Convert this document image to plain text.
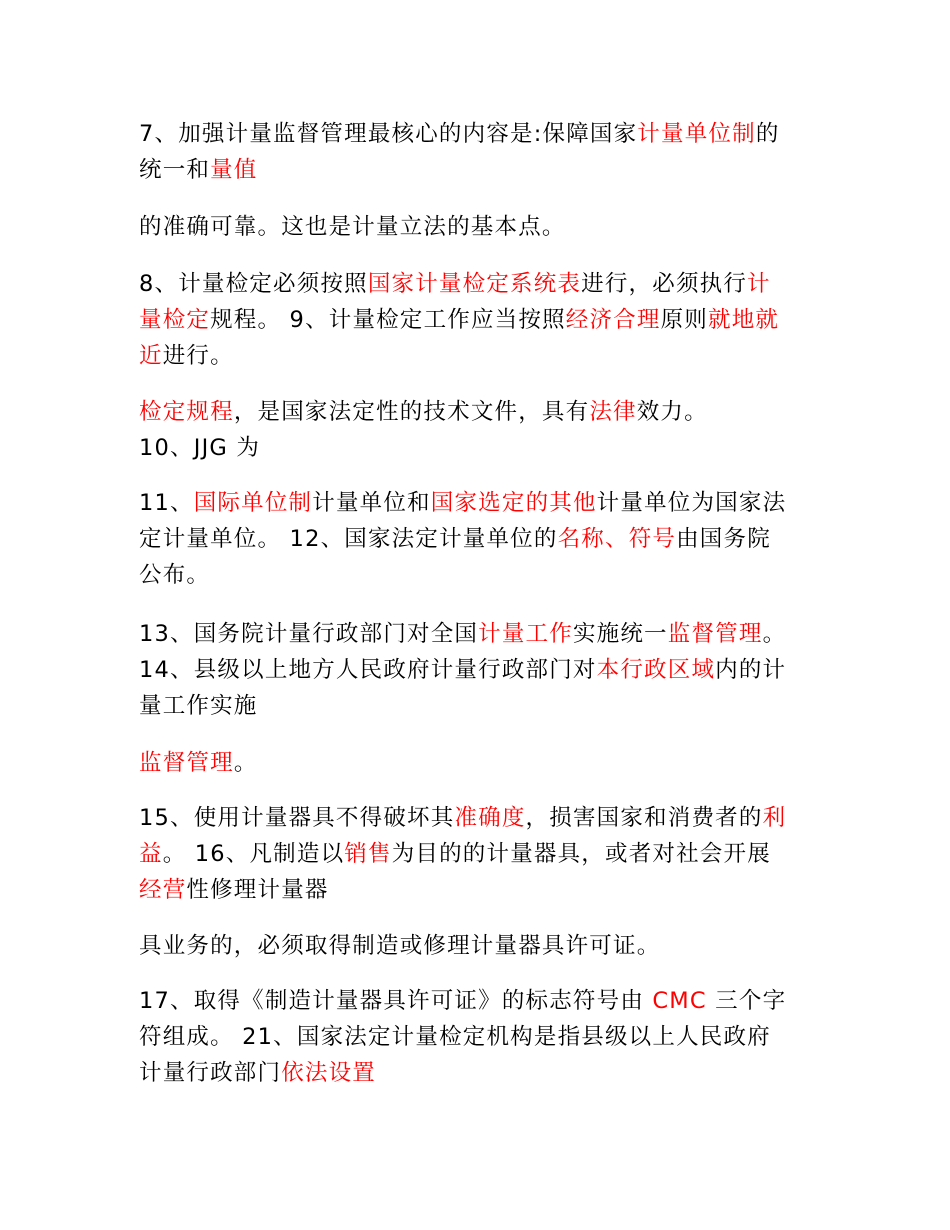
7、加强计量监督管理最核心的内容是:保障国家计量单位制的
统一和量值
的准确可靠。这也是计量立法的基本点。
8、计量检定必须按照国家计量检定系统表进行，必须执行计
量检定规程。 9、计量检定工作应当按照经济合理原则就地就
近进行。
检定规程，是国家法定性的技术文件，具有法律效力。
10、JJG 为
11、国际单位制计量单位和国家选定的其他计量单位为国家法
定计量单位。 12、国家法定计量单位的名称、符号由国务院
公布。
13、国务院计量行政部门对全国计量工作实施统一监督管理。
14、县级以上地方人民政府计量行政部门对本行政区域内的计
量工作实施
监督管理。
15、使用计量器具不得破坏其准确度，损害国家和消费者的利
益。 16、凡制造以销售为目的的计量器具，或者对社会开展
经营性修理计量器
具业务的，必须取得制造或修理计量器具许可证。
17、取得《制造计量器具许可证》的标志符号由 CMC 三个字
符组成。 21、国家法定计量检定机构是指县级以上人民政府
计量行政部门依法设置
